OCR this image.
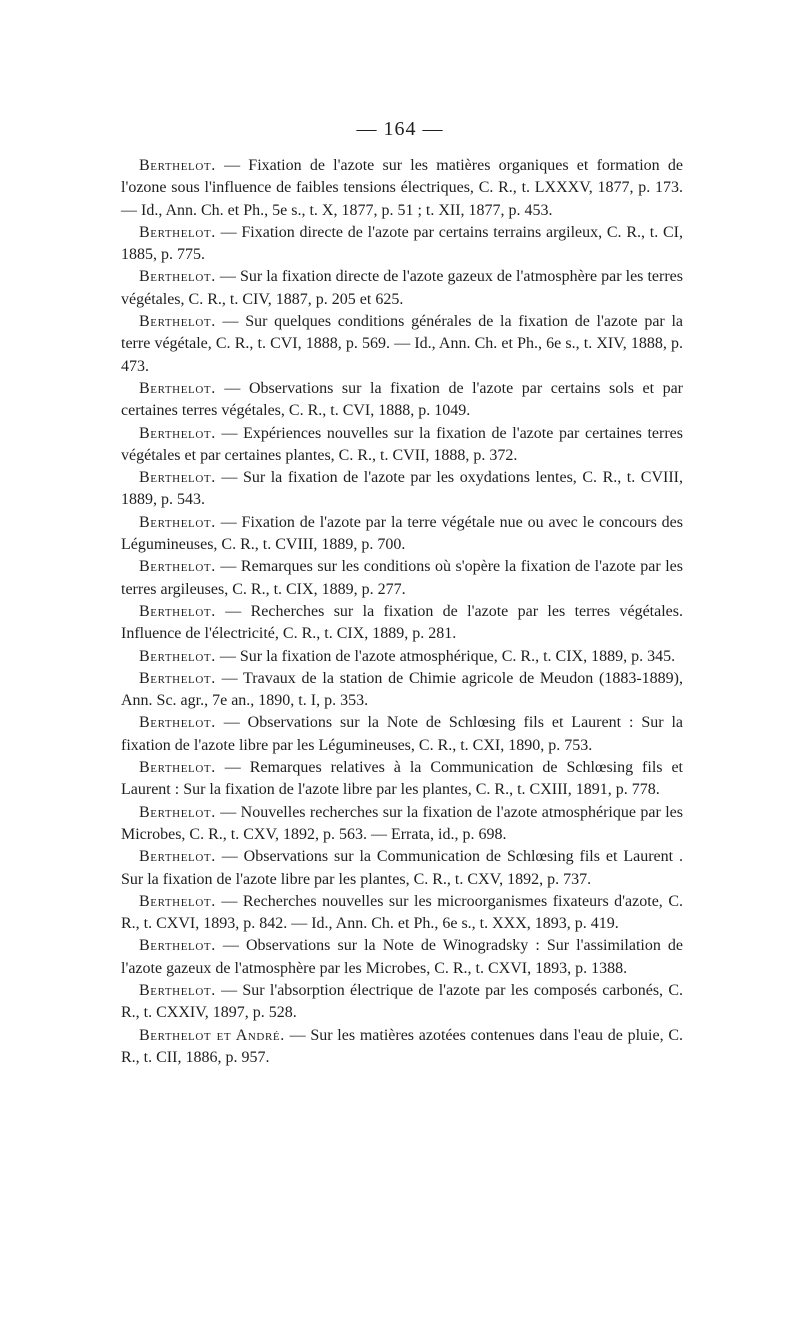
— 164 —

Berthelot. — Fixation de l'azote sur les matières organiques et formation de l'ozone sous l'influence de faibles tensions électriques, C. R., t. LXXXV, 1877, p. 173. — Id., Ann. Ch. et Ph., 5e s., t. X, 1877, p. 51 ; t. XII, 1877, p. 453.

Berthelot. — Fixation directe de l'azote par certains terrains argileux, C. R., t. CI, 1885, p. 775.

Berthelot. — Sur la fixation directe de l'azote gazeux de l'atmosphère par les terres végétales, C. R., t. CIV, 1887, p. 205 et 625.

Berthelot. — Sur quelques conditions générales de la fixation de l'azote par la terre végétale, C. R., t. CVI, 1888, p. 569. — Id., Ann. Ch. et Ph., 6e s., t. XIV, 1888, p. 473.

Berthelot. — Observations sur la fixation de l'azote par certains sols et par certaines terres végétales, C. R., t. CVI, 1888, p. 1049.

Berthelot. — Expériences nouvelles sur la fixation de l'azote par certaines terres végétales et par certaines plantes, C. R., t. CVII, 1888, p. 372.

Berthelot. — Sur la fixation de l'azote par les oxydations lentes, C. R., t. CVIII, 1889, p. 543.

Berthelot. — Fixation de l'azote par la terre végétale nue ou avec le concours des Légumineuses, C. R., t. CVIII, 1889, p. 700.

Berthelot. — Remarques sur les conditions où s'opère la fixation de l'azote par les terres argileuses, C. R., t. CIX, 1889, p. 277.

Berthelot. — Recherches sur la fixation de l'azote par les terres végétales. Influence de l'électricité, C. R., t. CIX, 1889, p. 281.

Berthelot. — Sur la fixation de l'azote atmosphérique, C. R., t. CIX, 1889, p. 345.

Berthelot. — Travaux de la station de Chimie agricole de Meudon (1883-1889), Ann. Sc. agr., 7e an., 1890, t. I, p. 353.

Berthelot. — Observations sur la Note de Schlœsing fils et Laurent : Sur la fixation de l'azote libre par les Légumineuses, C. R., t. CXI, 1890, p. 753.

Berthelot. — Remarques relatives à la Communication de Schlœsing fils et Laurent : Sur la fixation de l'azote libre par les plantes, C. R., t. CXIII, 1891, p. 778.

Berthelot. — Nouvelles recherches sur la fixation de l'azote atmosphérique par les Microbes, C. R., t. CXV, 1892, p. 563. — Errata, id., p. 698.

Berthelot. — Observations sur la Communication de Schlœsing fils et Laurent . Sur la fixation de l'azote libre par les plantes, C. R., t. CXV, 1892, p. 737.

Berthelot. — Recherches nouvelles sur les microorganismes fixateurs d'azote, C. R., t. CXVI, 1893, p. 842. — Id., Ann. Ch. et Ph., 6e s., t. XXX, 1893, p. 419.

Berthelot. — Observations sur la Note de Winogradsky : Sur l'assimilation de l'azote gazeux de l'atmosphère par les Microbes, C. R., t. CXVI, 1893, p. 1388.

Berthelot. — Sur l'absorption électrique de l'azote par les composés carbonés, C. R., t. CXXIV, 1897, p. 528.

Berthelot et André. — Sur les matières azotées contenues dans l'eau de pluie, C. R., t. CII, 1886, p. 957.
